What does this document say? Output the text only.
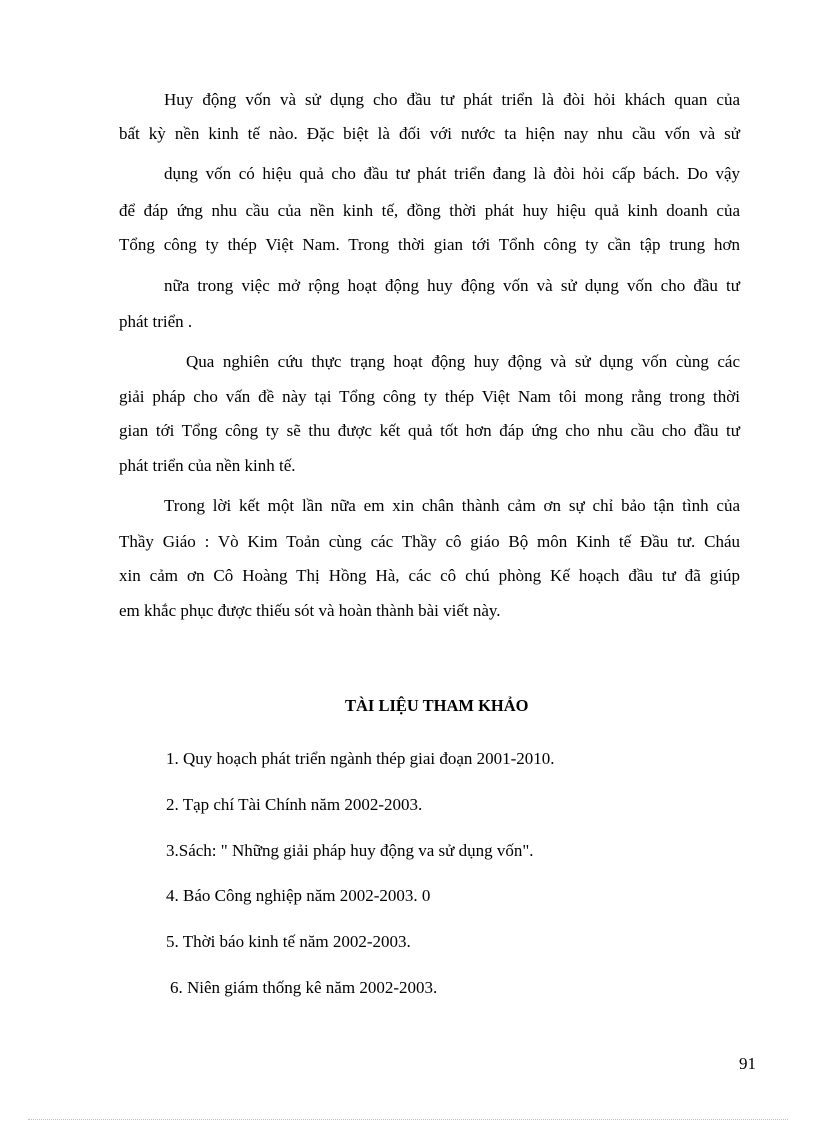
Huy động vốn và sử dụng cho đầu tư phát triển là đòi hỏi khách quan của
bất kỳ nền kinh tế nào. Đặc biệt là đối với nước ta hiện nay nhu cầu vốn và sử
dụng vốn có hiệu quả cho đầu tư phát triển đang là đòi hỏi cấp bách. Do vậy
để đáp ứng nhu cầu của nền kinh tế, đồng thời phát huy hiệu quả kinh doanh của
Tổng công ty thép Việt Nam. Trong thời gian tới Tổnh công ty cần tập trung hơn
nữa trong việc mở rộng hoạt động huy động vốn và sử dụng vốn cho đầu tư
phát triển .
Qua nghiên cứu thực trạng hoạt động huy động và sử dụng vốn cùng các
giải pháp cho vấn đề này tại Tổng công ty thép Việt Nam tôi mong rằng trong thời
gian tới Tổng công ty sẽ thu được kết quả tốt hơn đáp ứng cho nhu cầu cho đầu tư
phát triển của nền kinh tế.
Trong lời kết một lần nữa em xin chân thành cảm ơn sự chỉ bảo tận tình của
Thầy Giáo : Vò Kim Toản cùng các Thầy cô giáo Bộ môn Kinh tế Đầu tư. Cháu
xin cảm ơn Cô Hoàng Thị Hồng Hà, các cô chú phòng Kế hoạch đầu tư đã giúp
em khắc phục được thiếu sót và hoàn thành bài viết này.
TÀI LIỆU THAM KHẢO
1. Quy hoạch phát triển ngành thép giai đoạn 2001-2010.
2. Tạp chí Tài Chính năm 2002-2003.
3.Sách: " Những giải pháp huy động va sử dụng vốn".
4. Báo Công nghiệp năm 2002-2003. 0
5. Thời báo kinh tế năm 2002-2003.
6. Niên giám thống kê năm 2002-2003.
91
